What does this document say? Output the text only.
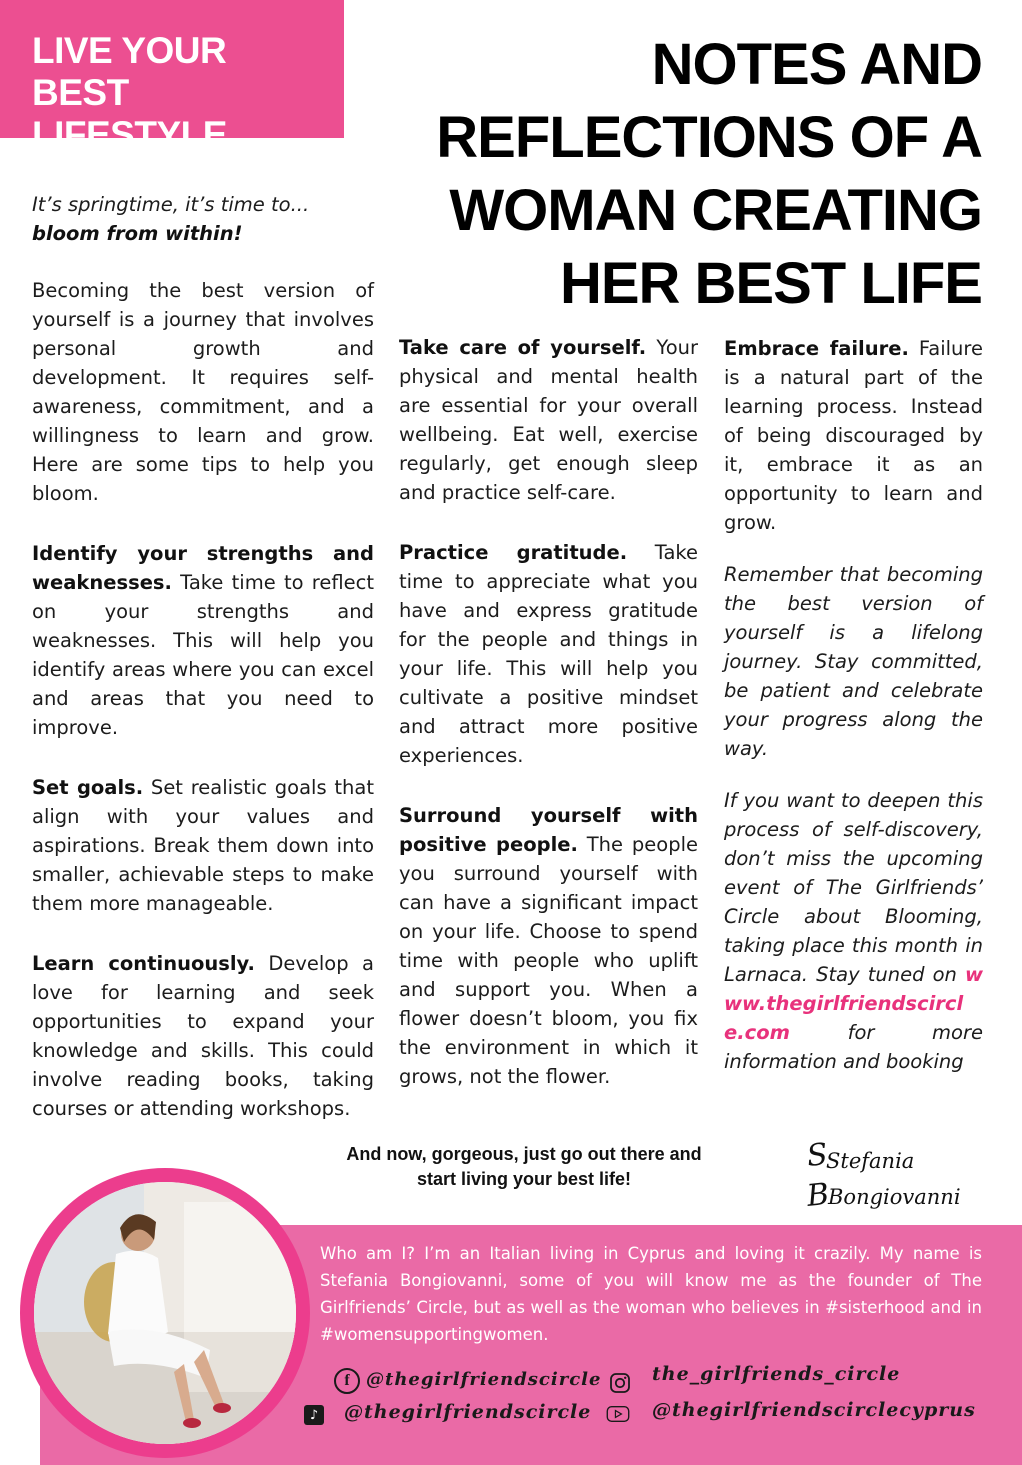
LIVE YOUR BEST LIFESTYLE
NOTES AND REFLECTIONS OF A WOMAN CREATING HER BEST LIFE

It’s springtime, it’s time to...
bloom from within!

Becoming the best version of yourself is a journey that involves personal growth and development. It requires self-awareness, commitment, and a willingness to learn and grow. Here are some tips to help you bloom.

Identify your strengths and weaknesses. Take time to reflect on your strengths and weaknesses. This will help you identify areas where you can excel and areas that you need to improve.

Set goals. Set realistic goals that align with your values and aspirations. Break them down into smaller, achievable steps to make them more manageable.

Learn continuously. Develop a love for learning and seek opportunities to expand your knowledge and skills. This could involve reading books, taking courses or attending workshops.

Take care of yourself. Your physical and mental health are essential for your overall wellbeing. Eat well, exercise regularly, get enough sleep and practice self-care.

Practice gratitude. Take time to appreciate what you have and express gratitude for the people and things in your life. This will help you cultivate a positive mindset and attract more positive experiences.

Surround yourself with positive people. The people you surround yourself with can have a significant impact on your life. Choose to spend time with people who uplift and support you. When a flower doesn’t bloom, you fix the environment in which it grows, not the flower.

Embrace failure. Failure is a natural part of the learning process. Instead of being discouraged by it, embrace it as an opportunity to learn and grow.

Remember that becoming the best version of yourself is a lifelong journey. Stay committed, be patient and celebrate your progress along the way.

If you want to deepen this process of self-discovery, don’t miss the upcoming event of The Girlfriends’ Circle about Blooming, taking place this month in Larnaca. Stay tuned on www.thegirlfriendscircle.com for more information and booking

And now, gorgeous, just go out there and start living your best life!
S
Stefania
B
Bongiovanni
Who am I? I’m an Italian living in Cyprus and loving it crazily. My name is Stefania Bongiovanni, some of you will know me as the founder of The Girlfriends’ Circle, but as well as the woman who believes in #sisterhood and in #womensupportingwomen.
f @thegirlfriendscircle	the_girlfriends_circle
♪	@thegirlfriendscircle	@thegirlfriendscirclecyprus
